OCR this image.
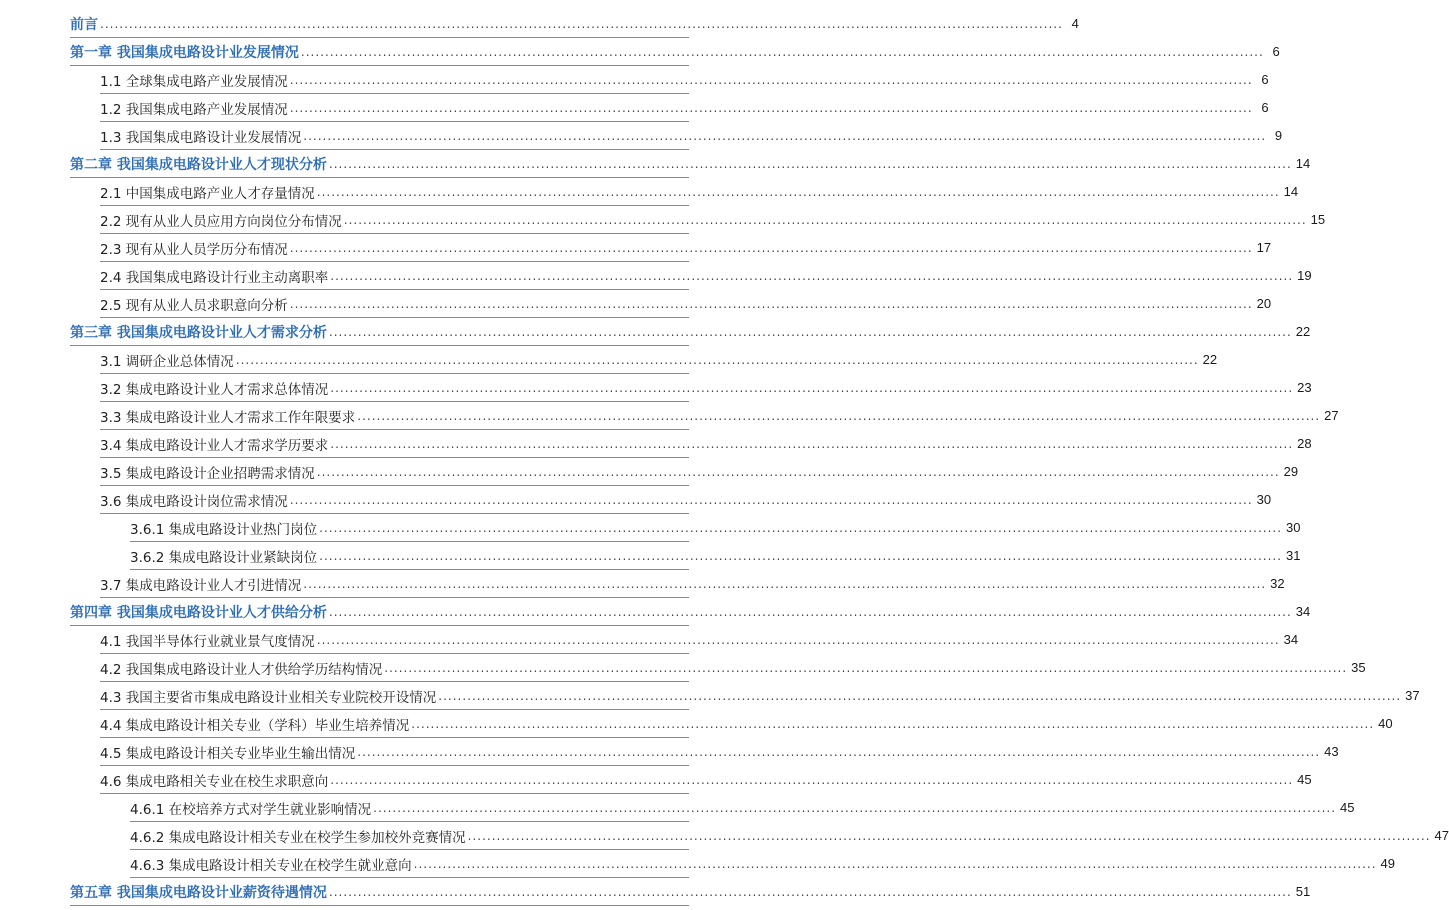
前言 ........................................................................................................................................................................................................ 4
第一章 我国集成电路设计业发展情况 ........................................................................................................................................................................................................ 6
1.1 全球集成电路产业发展情况 ........................................................................................................................................................................................................ 6
1.2 我国集成电路产业发展情况 ........................................................................................................................................................................................................ 6
1.3 我国集成电路设计业发展情况 ........................................................................................................................................................................................................ 9
第二章 我国集成电路设计业人才现状分析 ........................................................................................................................................................................................................ 14
2.1 中国集成电路产业人才存量情况 ........................................................................................................................................................................................................ 14
2.2 现有从业人员应用方向岗位分布情况 ........................................................................................................................................................................................................ 15
2.3 现有从业人员学历分布情况 ........................................................................................................................................................................................................ 17
2.4 我国集成电路设计行业主动离职率 ........................................................................................................................................................................................................ 19
2.5 现有从业人员求职意向分析 ........................................................................................................................................................................................................ 20
第三章 我国集成电路设计业人才需求分析 ........................................................................................................................................................................................................ 22
3.1 调研企业总体情况 ........................................................................................................................................................................................................ 22
3.2 集成电路设计业人才需求总体情况 ........................................................................................................................................................................................................ 23
3.3 集成电路设计业人才需求工作年限要求 ........................................................................................................................................................................................................ 27
3.4 集成电路设计业人才需求学历要求 ........................................................................................................................................................................................................ 28
3.5 集成电路设计企业招聘需求情况 ........................................................................................................................................................................................................ 29
3.6 集成电路设计岗位需求情况 ........................................................................................................................................................................................................ 30
3.6.1 集成电路设计业热门岗位 ........................................................................................................................................................................................................ 30
3.6.2 集成电路设计业紧缺岗位 ........................................................................................................................................................................................................ 31
3.7 集成电路设计业人才引进情况 ........................................................................................................................................................................................................ 32
第四章 我国集成电路设计业人才供给分析 ........................................................................................................................................................................................................ 34
4.1 我国半导体行业就业景气度情况 ........................................................................................................................................................................................................ 34
4.2 我国集成电路设计业人才供给学历结构情况 ........................................................................................................................................................................................................ 35
4.3 我国主要省市集成电路设计业相关专业院校开设情况 ........................................................................................................................................................................................................ 37
4.4 集成电路设计相关专业（学科）毕业生培养情况 ........................................................................................................................................................................................................ 40
4.5 集成电路设计相关专业毕业生输出情况 ........................................................................................................................................................................................................ 43
4.6 集成电路相关专业在校生求职意向 ........................................................................................................................................................................................................ 45
4.6.1 在校培养方式对学生就业影响情况 ........................................................................................................................................................................................................ 45
4.6.2 集成电路设计相关专业在校学生参加校外竞赛情况 ........................................................................................................................................................................................................ 47
4.6.3 集成电路设计相关专业在校学生就业意向 ........................................................................................................................................................................................................ 49
第五章 我国集成电路设计业薪资待遇情况 ........................................................................................................................................................................................................ 51
